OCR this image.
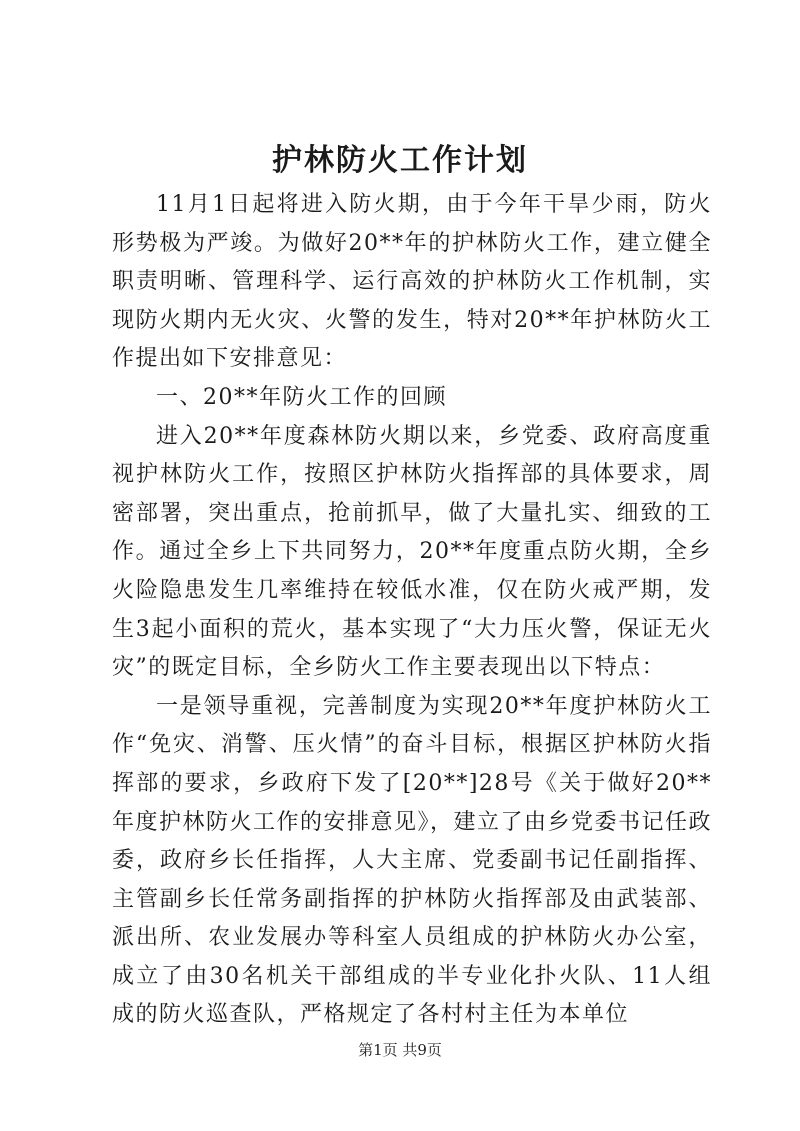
护林防火工作计划

11月1日起将进入防火期，由于今年干旱少雨，防火形势极为严竣。为做好20**年的护林防火工作，建立健全职责明晰、管理科学、运行高效的护林防火工作机制，实现防火期内无火灾、火警的发生，特对20**年护林防火工作提出如下安排意见：

一、20**年防火工作的回顾

进入20**年度森林防火期以来，乡党委、政府高度重视护林防火工作，按照区护林防火指挥部的具体要求，周密部署，突出重点，抢前抓早，做了大量扎实、细致的工作。通过全乡上下共同努力，20**年度重点防火期，全乡火险隐患发生几率维持在较低水准，仅在防火戒严期，发生3起小面积的荒火，基本实现了“大力压火警，保证无火灾”的既定目标，全乡防火工作主要表现出以下特点：

一是领导重视，完善制度为实现20**年度护林防火工作“免灾、消警、压火情”的奋斗目标，根据区护林防火指挥部的要求，乡政府下发了[20**]28号《关于做好20**年度护林防火工作的安排意见》，建立了由乡党委书记任政委，政府乡长任指挥，人大主席、党委副书记任副指挥、主管副乡长任常务副指挥的护林防火指挥部及由武装部、派出所、农业发展办等科室人员组成的护林防火办公室，成立了由30名机关干部组成的半专业化扑火队、11人组成的防火巡查队，严格规定了各村村主任为本单位

第1页 共9页
